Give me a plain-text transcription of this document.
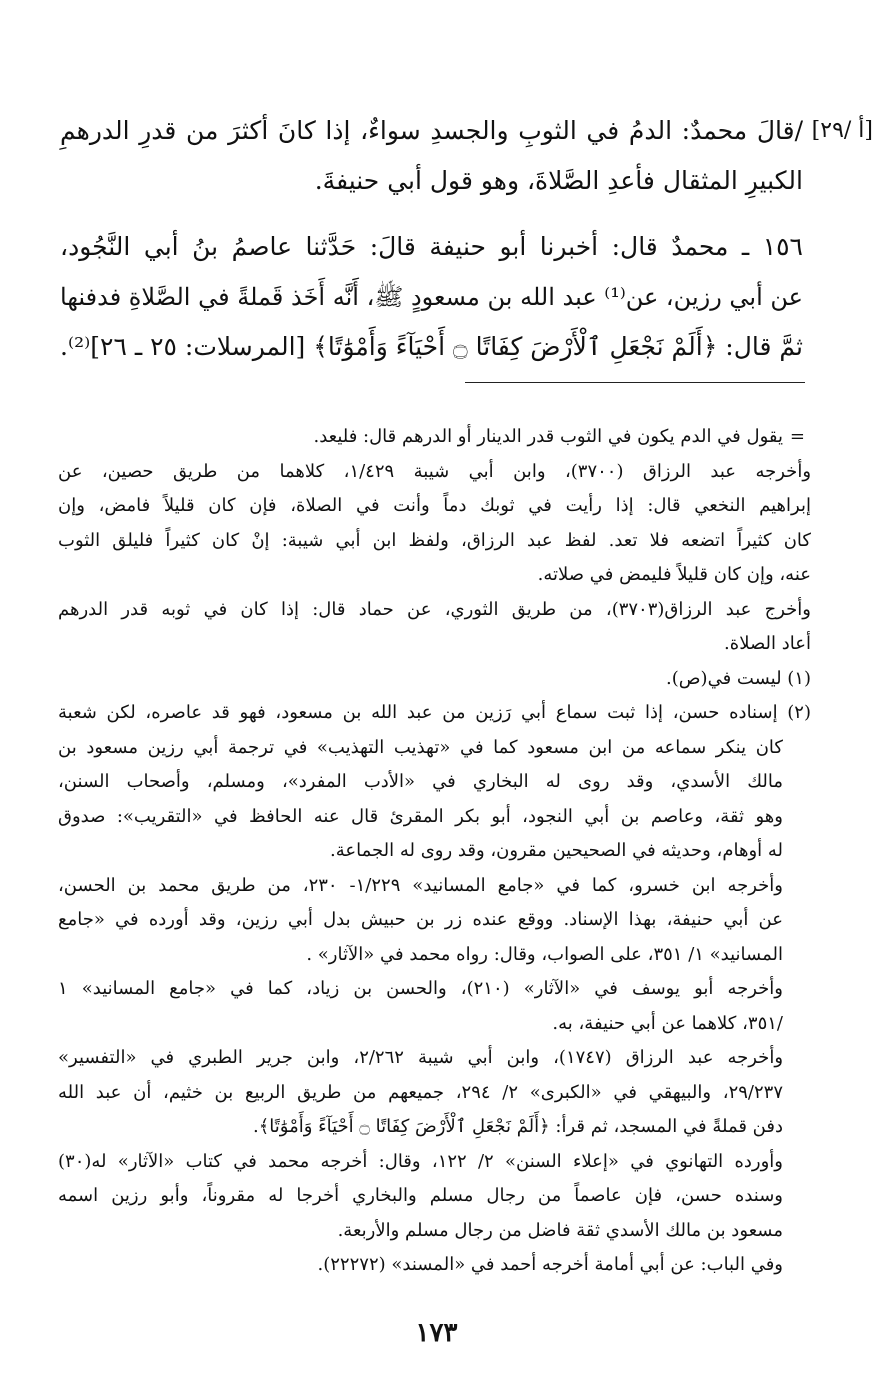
[٢٩/ أ]
/قالَ محمدٌ: الدمُ في الثوبِ والجسدِ سواءٌ، إذا كانَ أكثرَ من قدرِ الدرهمِ
الكبيرِ المثقال فأعدِ الصَّلاةَ، وهو قول أبي حنيفةَ.
١٥٦ ـ محمدٌ قال: أخبرنا أبو حنيفة قالَ: حَدَّثنا عاصمُ بنُ أبي النَّجُود،
عن أبي رزين، عن⁽¹⁾ عبد الله بن مسعودٍ ﷺ، أَنَّه أَخَذ قَملةً في الصَّلاةِ فدفنها
ثمَّ قال: ﴿أَلَمْ نَجْعَلِ ٱلْأَرْضَ كِفَاتًا ۝ أَحْيَآءً وَأَمْوَٰتًا﴾ [المرسلات: ٢٥ ـ ٢٦]⁽²⁾.
=
يقول في الدم يكون في الثوب قدر الدينار أو الدرهم قال: فليعد.
وأخرجه عبد الرزاق (٣٧٠٠)، وابن أبي شيبة ١/٤٢٩، كلاهما من طريق حصين، عن
إبراهيم النخعي قال: إذا رأيت في ثوبك دماً وأنت في الصلاة، فإن كان قليلاً فامض، وإن
كان كثيراً اتضعه فلا تعد. لفظ عبد الرزاق، ولفظ ابن أبي شيبة: إنْ كان كثيراً فليلق الثوب
عنه، وإن كان قليلاً فليمض في صلاته.
وأخرج عبد الرزاق(٣٧٠٣)، من طريق الثوري، عن حماد قال: إذا كان في ثوبه قدر الدرهم
أعاد الصلاة.
(١) ليست في(ص).
(٢) إسناده حسن، إذا ثبت سماع أبي رَزين من عبد الله بن مسعود، فهو قد عاصره، لكن شعبة
كان ينكر سماعه من ابن مسعود كما في «تهذيب التهذيب» في ترجمة أبي رزين مسعود بن
مالك الأسدي، وقد روى له البخاري في «الأدب المفرد»، ومسلم، وأصحاب السنن،
وهو ثقة، وعاصم بن أبي النجود، أبو بكر المقرئ قال عنه الحافظ في «التقريب»: صدوق
له أوهام، وحديثه في الصحيحين مقرون، وقد روى له الجماعة.
وأخرجه ابن خسرو، كما في «جامع المسانيد» ١/٢٢٩- ٢٣٠، من طريق محمد بن الحسن،
عن أبي حنيفة، بهذا الإسناد. ووقع عنده زر بن حبيش بدل أبي رزين، وقد أورده في «جامع
المسانيد» ١/ ٣٥١، على الصواب، وقال: رواه محمد في «الآثار» .
وأخرجه أبو يوسف في «الآثار» (٢١٠)، والحسن بن زياد، كما في «جامع المسانيد» ١
/٣٥١، كلاهما عن أبي حنيفة، به.
وأخرجه عبد الرزاق (١٧٤٧)، وابن أبي شيبة ٢/٢٦٢، وابن جرير الطبري في «التفسير»
٢٩/٢٣٧، والبيهقي في «الكبرى» ٢/ ٢٩٤، جميعهم من طريق الربيع بن خثيم، أن عبد الله
دفن قملةً في المسجد، ثم قرأ: ﴿أَلَمْ نَجْعَلِ ٱلْأَرْضَ كِفَاتًا ۝ أَحْيَآءً وَأَمْوَٰتًا﴾.
وأورده التهانوي في «إعلاء السنن» ٢/ ١٢٢، وقال: أخرجه محمد في كتاب «الآثار» له(٣٠)
وسنده حسن، فإن عاصماً من رجال مسلم والبخاري أخرجا له مقروناً، وأبو رزين اسمه
مسعود بن مالك الأسدي ثقة فاضل من رجال مسلم والأربعة.
وفي الباب: عن أبي أمامة أخرجه أحمد في «المسند» (٢٢٢٧٢).
١٧٣
